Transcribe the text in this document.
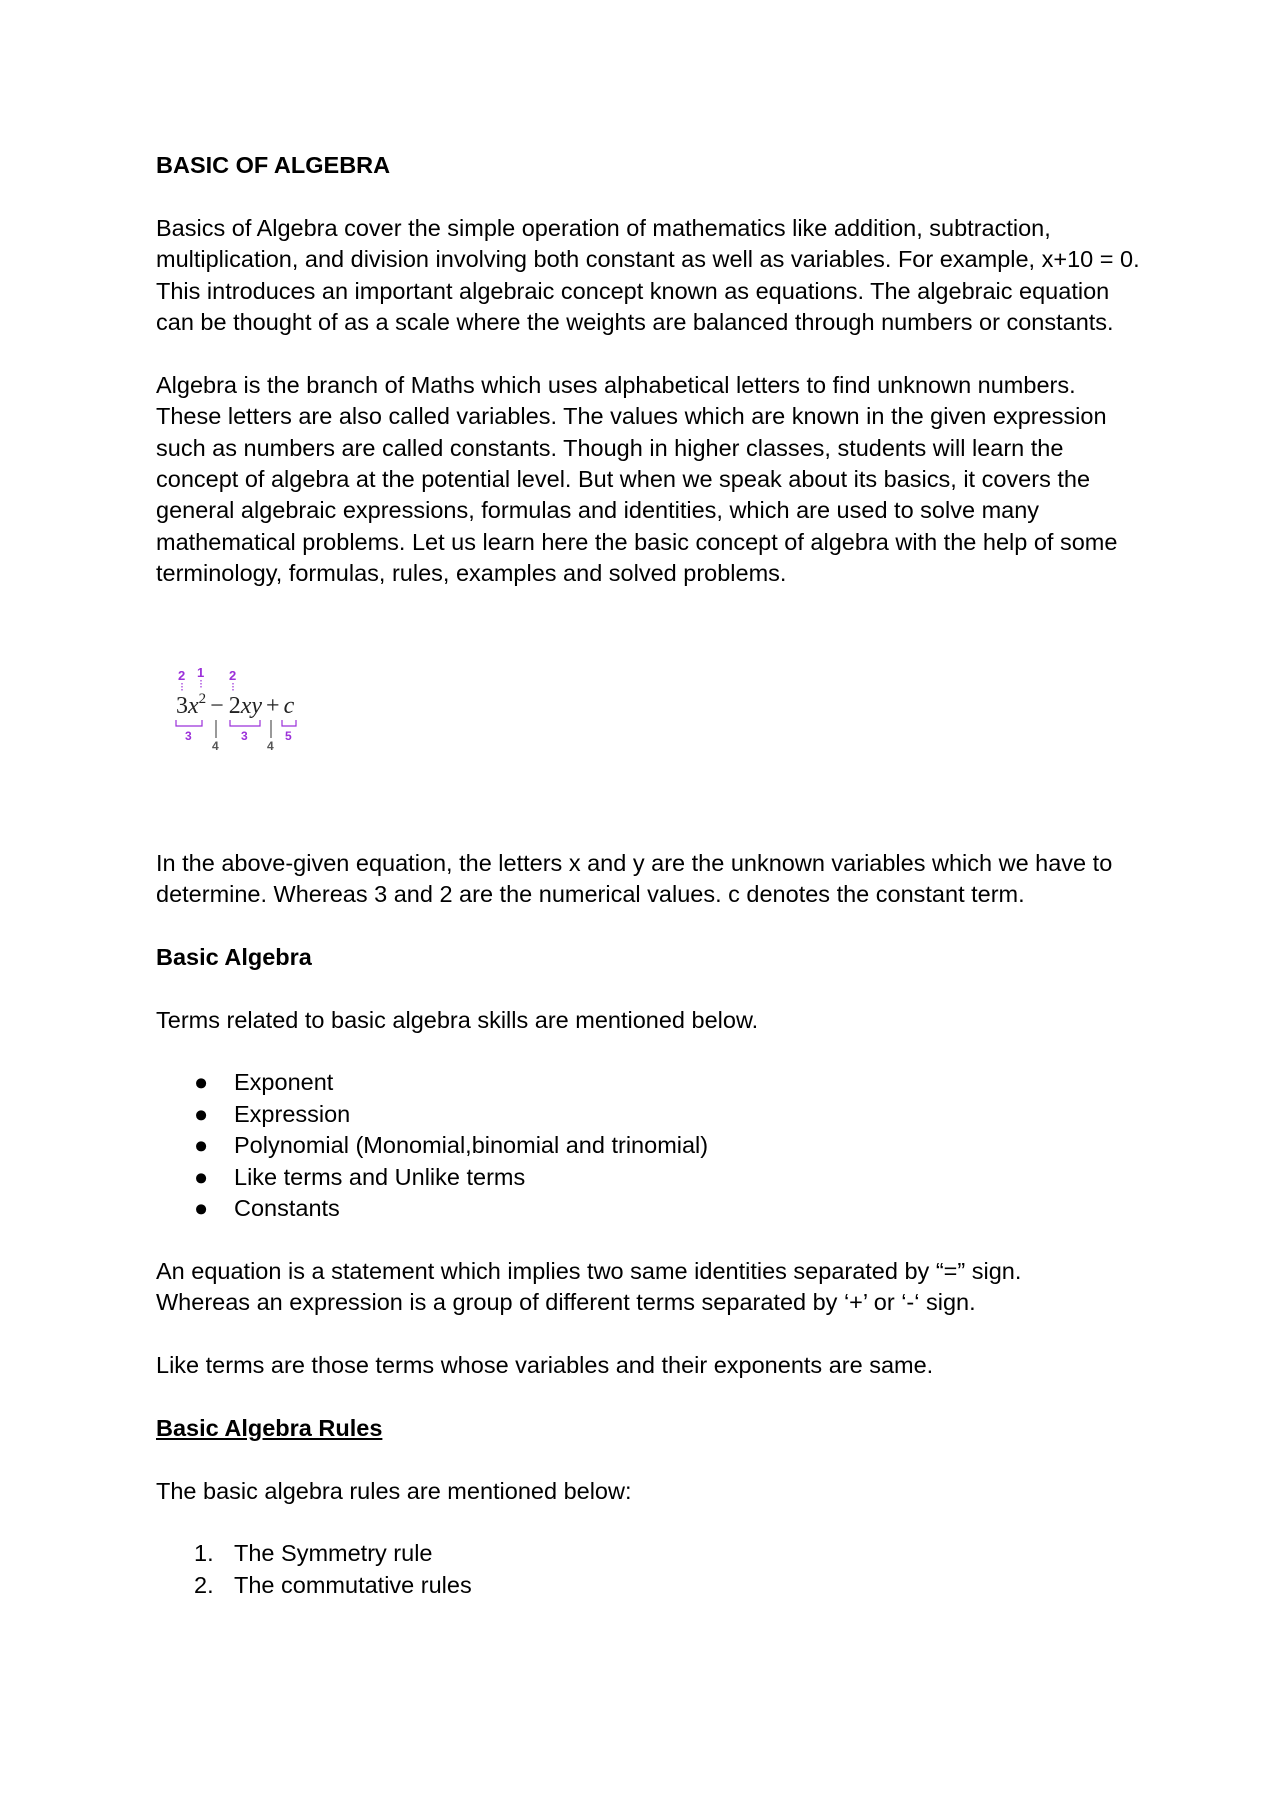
BASIC OF ALGEBRA

Basics of Algebra cover the simple operation of mathematics like addition, subtraction, multiplication, and division involving both constant as well as variables. For example, x+10 = 0. This introduces an important algebraic concept known as equations. The algebraic equation can be thought of as a scale where the weights are balanced through numbers or constants.

Algebra is the branch of Maths which uses alphabetical letters to find unknown numbers. These letters are also called variables. The values which are known in the given expression such as numbers are called constants. Though in higher classes, students will learn the concept of algebra at the potential level. But when we speak about its basics, it covers the general algebraic expressions, formulas and identities, which are used to solve many mathematical problems. Let us learn here the basic concept of algebra with the help of some terminology, formulas, rules, examples and solved problems.

2 1 2
$3x^2 - 2xy + c$
3
4
3
4
5

In the above-given equation, the letters x and y are the unknown variables which we have to determine. Whereas 3 and 2 are the numerical values. c denotes the constant term.

Basic Algebra

Terms related to basic algebra skills are mentioned below.

● Exponent
● Expression
● Polynomial (Monomial,binomial and trinomial)
● Like terms and Unlike terms
● Constants

An equation is a statement which implies two same identities separated by “=” sign.
Whereas an expression is a group of different terms separated by ‘+’ or ‘-‘ sign.

Like terms are those terms whose variables and their exponents are same.

Basic Algebra Rules

The basic algebra rules are mentioned below:

1. The Symmetry rule
2. The commutative rules
